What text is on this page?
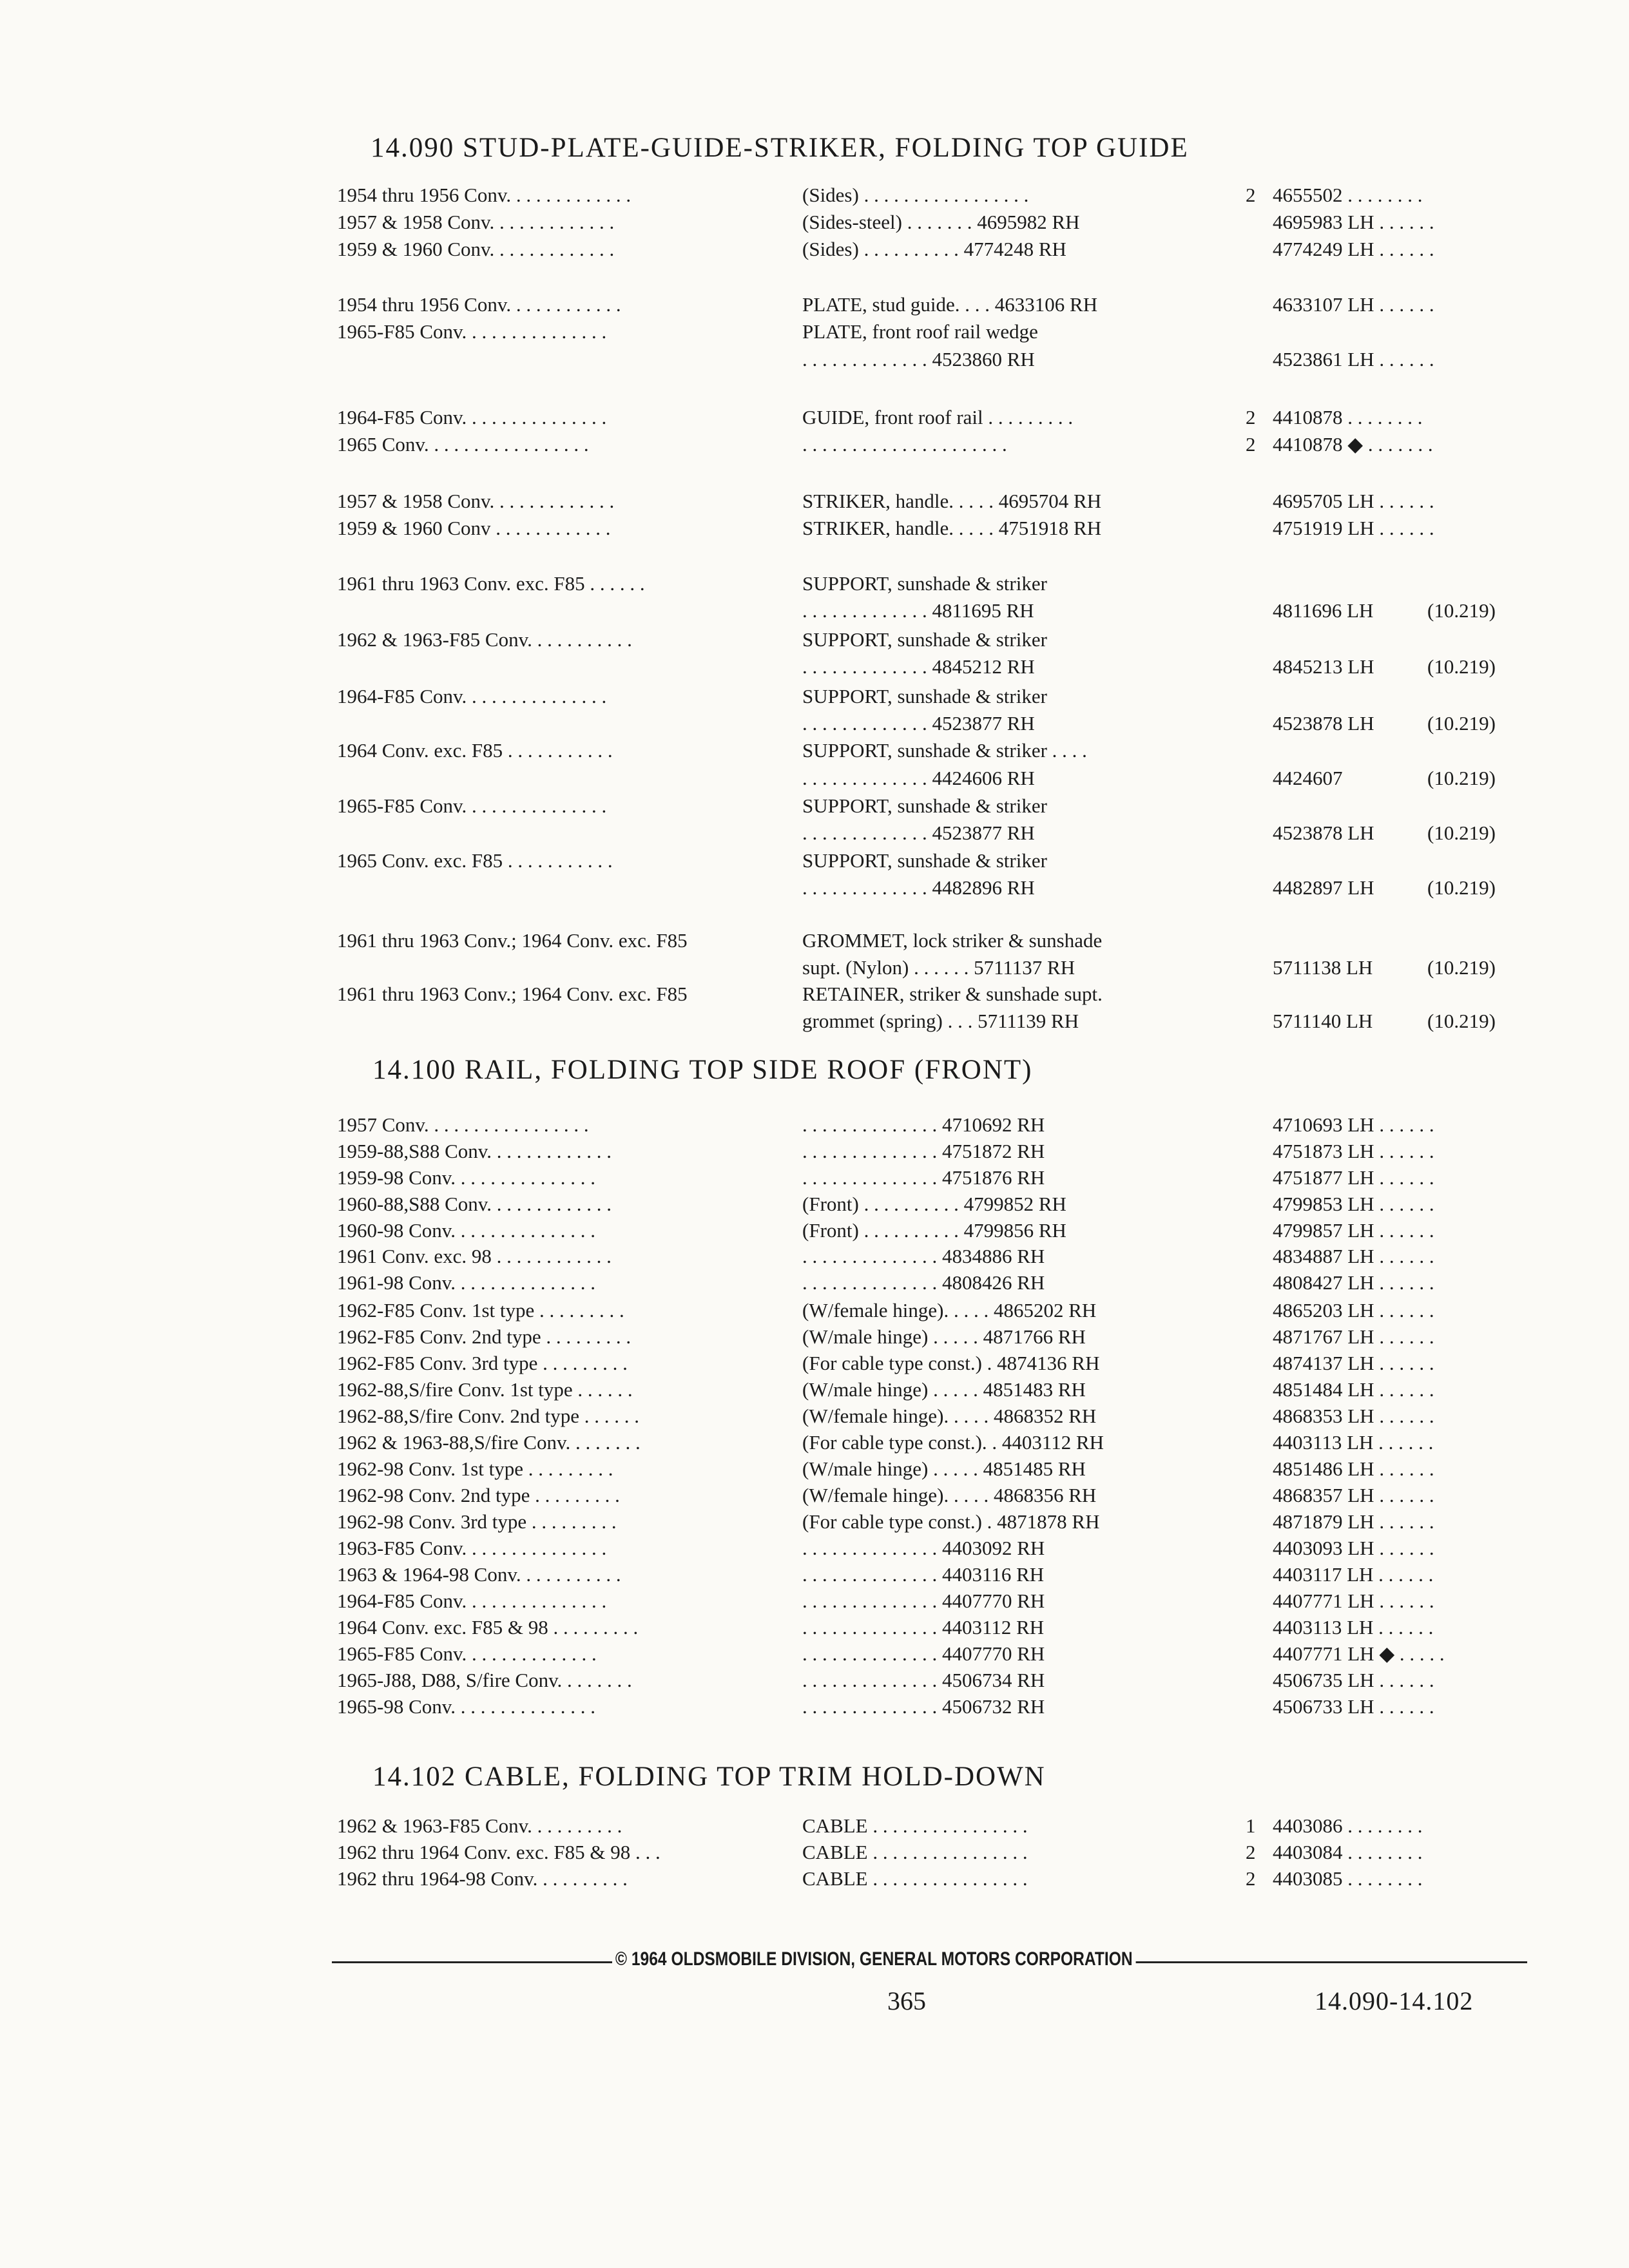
14.090 STUD-PLATE-GUIDE-STRIKER, FOLDING TOP GUIDE
14.100 RAIL, FOLDING TOP SIDE ROOF (FRONT)
14.102 CABLE, FOLDING TOP TRIM HOLD-DOWN
1954 thru 1956 Conv. . . . . . . . . . . . .	(Sides) . . . . . . . . . . . . . . . . .	2 4655502 . . . . . . . .
1957 & 1958 Conv. . . . . . . . . . . . .	(Sides-steel) . . . . . . . 4695982 RH	4695983 LH . . . . . .
1959 & 1960 Conv. . . . . . . . . . . . .	(Sides) . . . . . . . . . . 4774248 RH	4774249 LH . . . . . .
1954 thru 1956 Conv. . . . . . . . . . . .	PLATE, stud guide. . . . 4633106 RH	4633107 LH . . . . . .
1965-F85 Conv. . . . . . . . . . . . . . .	PLATE, front roof rail wedge
. . . . . . . . . . . . . 4523860 RH	4523861 LH . . . . . .
1964-F85 Conv. . . . . . . . . . . . . . .	GUIDE, front roof rail . . . . . . . . .	2 4410878 . . . . . . . .
1965 Conv. . . . . . . . . . . . . . . . .	. . . . . . . . . . . . . . . . . . . . .	2 4410878 ◆ . . . . . . .
1957 & 1958 Conv. . . . . . . . . . . . .	STRIKER, handle. . . . . 4695704 RH	4695705 LH . . . . . .
1959 & 1960 Conv . . . . . . . . . . . .	STRIKER, handle. . . . . 4751918 RH	4751919 LH . . . . . .
1961 thru 1963 Conv. exc. F85 . . . . . .	SUPPORT, sunshade & striker
. . . . . . . . . . . . . 4811695 RH	4811696 LH	(10.219)
1962 & 1963-F85 Conv. . . . . . . . . . .	SUPPORT, sunshade & striker
. . . . . . . . . . . . . 4845212 RH	4845213 LH	(10.219)
1964-F85 Conv. . . . . . . . . . . . . . .	SUPPORT, sunshade & striker
. . . . . . . . . . . . . 4523877 RH	4523878 LH	(10.219)
1964 Conv. exc. F85 . . . . . . . . . . .	SUPPORT, sunshade & striker . . . .
. . . . . . . . . . . . . 4424606 RH	4424607	(10.219)
1965-F85 Conv. . . . . . . . . . . . . . .	SUPPORT, sunshade & striker
. . . . . . . . . . . . . 4523877 RH	4523878 LH	(10.219)
1965 Conv. exc. F85 . . . . . . . . . . .	SUPPORT, sunshade & striker
. . . . . . . . . . . . . 4482896 RH	4482897 LH	(10.219)
1961 thru 1963 Conv.; 1964 Conv. exc. F85	GROMMET, lock striker & sunshade
supt. (Nylon) . . . . . . 5711137 RH	5711138 LH	(10.219)
1961 thru 1963 Conv.; 1964 Conv. exc. F85	RETAINER, striker & sunshade supt.
grommet (spring) . . . 5711139 RH	5711140 LH	(10.219)
1957 Conv. . . . . . . . . . . . . . . . .	. . . . . . . . . . . . . . 4710692 RH	4710693 LH . . . . . .
1959-88,S88 Conv. . . . . . . . . . . . .	. . . . . . . . . . . . . . 4751872 RH	4751873 LH . . . . . .
1959-98 Conv. . . . . . . . . . . . . . .	. . . . . . . . . . . . . . 4751876 RH	4751877 LH . . . . . .
1960-88,S88 Conv. . . . . . . . . . . . .	(Front) . . . . . . . . . . 4799852 RH	4799853 LH . . . . . .
1960-98 Conv. . . . . . . . . . . . . . .	(Front) . . . . . . . . . . 4799856 RH	4799857 LH . . . . . .
1961 Conv. exc. 98 . . . . . . . . . . . .	. . . . . . . . . . . . . . 4834886 RH	4834887 LH . . . . . .
1961-98 Conv. . . . . . . . . . . . . . .	. . . . . . . . . . . . . . 4808426 RH	4808427 LH . . . . . .
1962-F85 Conv. 1st type . . . . . . . . .	(W/female hinge). . . . . 4865202 RH	4865203 LH . . . . . .
1962-F85 Conv. 2nd type . . . . . . . . .	(W/male hinge) . . . . . 4871766 RH	4871767 LH . . . . . .
1962-F85 Conv. 3rd type . . . . . . . . .	(For cable type const.) . 4874136 RH	4874137 LH . . . . . .
1962-88,S/fire Conv. 1st type . . . . . .	(W/male hinge) . . . . . 4851483 RH	4851484 LH . . . . . .
1962-88,S/fire Conv. 2nd type . . . . . .	(W/female hinge). . . . . 4868352 RH	4868353 LH . . . . . .
1962 & 1963-88,S/fire Conv. . . . . . . .	(For cable type const.). . 4403112 RH	4403113 LH . . . . . .
1962-98 Conv. 1st type . . . . . . . . .	(W/male hinge) . . . . . 4851485 RH	4851486 LH . . . . . .
1962-98 Conv. 2nd type . . . . . . . . .	(W/female hinge). . . . . 4868356 RH	4868357 LH . . . . . .
1962-98 Conv. 3rd type . . . . . . . . .	(For cable type const.) . 4871878 RH	4871879 LH . . . . . .
1963-F85 Conv. . . . . . . . . . . . . . .	. . . . . . . . . . . . . . 4403092 RH	4403093 LH . . . . . .
1963 & 1964-98 Conv. . . . . . . . . . .	. . . . . . . . . . . . . . 4403116 RH	4403117 LH . . . . . .
1964-F85 Conv. . . . . . . . . . . . . . .	. . . . . . . . . . . . . . 4407770 RH	4407771 LH . . . . . .
1964 Conv. exc. F85 & 98 . . . . . . . . .	. . . . . . . . . . . . . . 4403112 RH	4403113 LH . . . . . .
1965-F85 Conv. . . . . . . . . . . . . .	. . . . . . . . . . . . . . 4407770 RH	4407771 LH ◆ . . . . .
1965-J88, D88, S/fire Conv. . . . . . . .	. . . . . . . . . . . . . . 4506734 RH	4506735 LH . . . . . .
1965-98 Conv. . . . . . . . . . . . . . .	. . . . . . . . . . . . . . 4506732 RH	4506733 LH . . . . . .
1962 & 1963-F85 Conv. . . . . . . . . .	CABLE . . . . . . . . . . . . . . . .	1 4403086 . . . . . . . .
1962 thru 1964 Conv. exc. F85 & 98 . . .	CABLE . . . . . . . . . . . . . . . .	2 4403084 . . . . . . . .
1962 thru 1964-98 Conv. . . . . . . . . .	CABLE . . . . . . . . . . . . . . . .	2 4403085 . . . . . . . .
© 1964 OLDSMOBILE DIVISION, GENERAL MOTORS CORPORATION
365	14.090-14.102
